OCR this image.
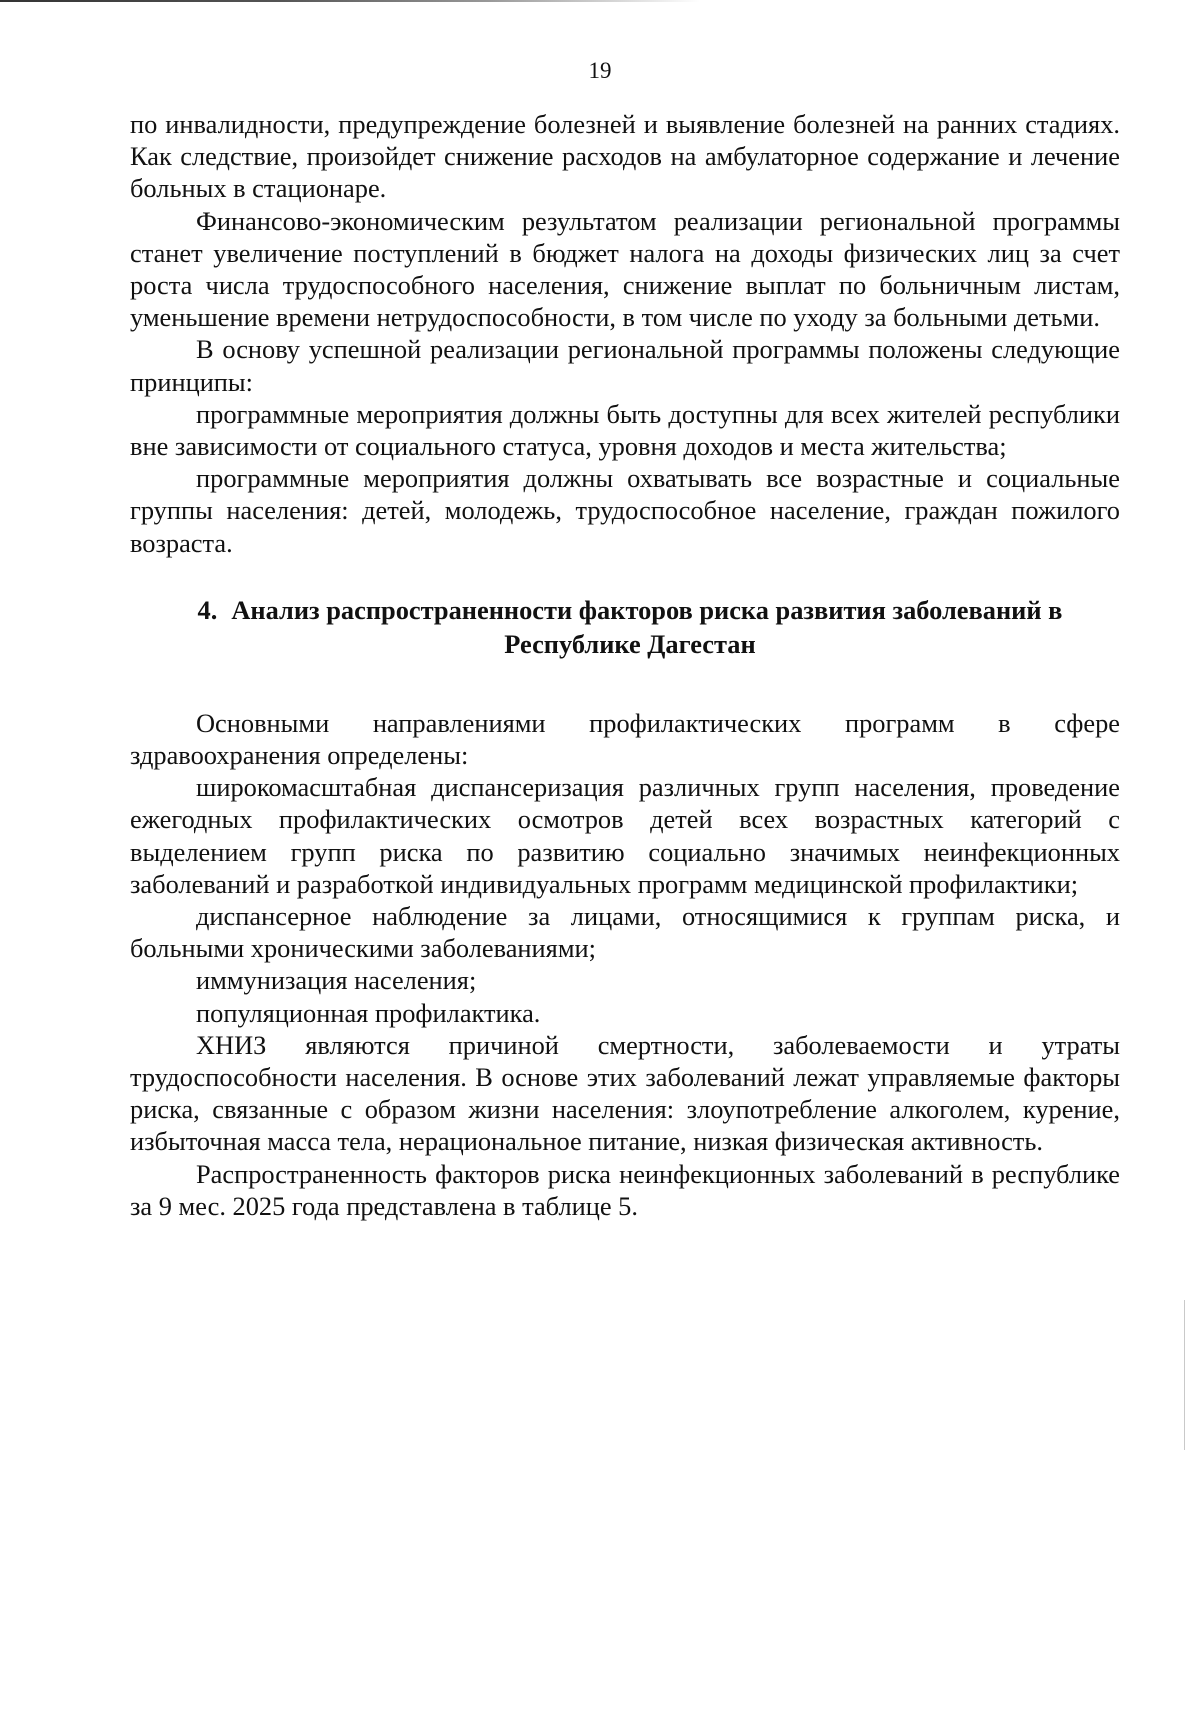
19

по инвалидности, предупреждение болезней и выявление болезней на ранних стадиях. Как следствие, произойдет снижение расходов на амбулаторное содержание и лечение больных в стационаре.

Финансово-экономическим результатом реализации региональной программы станет увеличение поступлений в бюджет налога на доходы физических лиц за счет роста числа трудоспособного населения, снижение выплат по больничным листам, уменьшение времени нетрудоспособности, в том числе по уходу за больными детьми.

В основу успешной реализации региональной программы положены следующие принципы:

программные мероприятия должны быть доступны для всех жителей республики вне зависимости от социального статуса, уровня доходов и места жительства;

программные мероприятия должны охватывать все возрастные и социальные группы населения: детей, молодежь, трудоспособное население, граждан пожилого возраста.

4. Анализ распространенности факторов риска развития заболеваний в
Республике Дагестан

Основными направлениями профилактических программ в сфере здравоохранения определены:

широкомасштабная диспансеризация различных групп населения, проведение ежегодных профилактических осмотров детей всех возрастных категорий с выделением групп риска по развитию социально значимых неинфекционных заболеваний и разработкой индивидуальных программ медицинской профилактики;

диспансерное наблюдение за лицами, относящимися к группам риска, и больными хроническими заболеваниями;

иммунизация населения;

популяционная профилактика.

ХНИЗ являются причиной смертности, заболеваемости и утраты трудоспособности населения. В основе этих заболеваний лежат управляемые факторы риска, связанные с образом жизни населения: злоупотребление алкоголем, курение, избыточная масса тела, нерациональное питание, низкая физическая активность.

Распространенность факторов риска неинфекционных заболеваний в республике за 9 мес. 2025 года представлена в таблице 5.
